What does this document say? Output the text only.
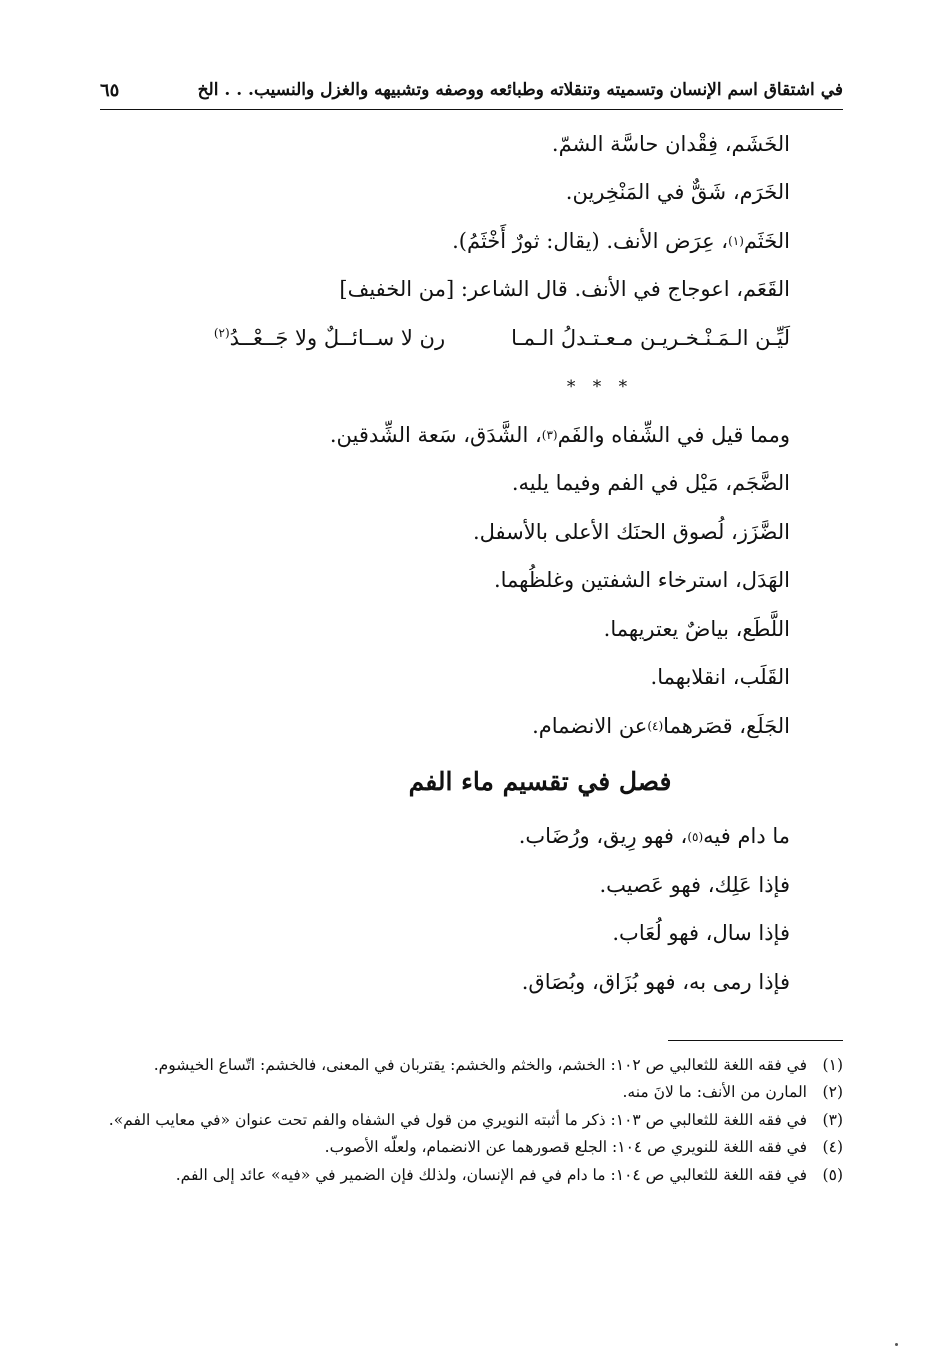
في اشتقاق اسم الإنسان وتسميته وتنقلاته وطبائعه ووصفه وتشبيهه والغزل والنسيب. . . الخ
٦٥
الخَشَم، فِقْدان حاسَّة الشمّ.
الخَرَم، شَقٌّ في المَنْخِرين.
الخَثَم
(١)
، عِرَض الأنف. (يقال: ثورٌ أَخْثَمُ).
القَعَم، اعوجاج في الأنف. قال الشاعر: [من الخفيف]
لَيِّـن الـمَـنْـخـريـن مـعـتـدلُ الـمـا
رن لا ســائــلٌ ولا جَــعْــدُ$^{(٢)}$
* * *
ومما قيل في الشِّفاه والفَم
(٣)
، الشَّدَق، سَعة الشِّدقين.
الضَّجَم، مَيْل في الفم وفيما يليه.
الضَّزَز، لُصوق الحنَك الأعلى بالأسفل.
الهَدَل، استرخاء الشفتين وغلظُهما.
اللَّطَع، بياضٌ يعتريهما.
القَلَب، انقلابهما.
الجَلَع، قصَرهما
(٤)
عن الانضمام.
فصل في تقسيم ماء الفم
ما دام فيه
(٥)
، فهو رِيق، ورُضَاب.
فإذا عَلِك، فهو عَصيب.
فإذا سال، فهو لُعَاب.
فإذا رمى به، فهو بُزَاق، وبُصَاق.
(١)
في فقه اللغة للثعالبي ص ١٠٢: الخشم، والخثم والخشم: يقتربان في المعنى، فالخشم: اتّساع الخيشوم.
(٢)
المارن من الأنف: ما لانَ منه.
(٣)
في فقه اللغة للثعالبي ص ١٠٣: ذكر ما أثبته النويري من قول في الشفاه والفم تحت عنوان «في معايب الفم».
(٤)
في فقه اللغة للنويري ص ١٠٤: الجلع قصورهما عن الانضمام، ولعلّه الأصوب.
(٥)
في فقه اللغة للثعالبي ص ١٠٤: ما دام في فم الإنسان، ولذلك فإن الضمير في «فيه» عائد إلى الفم.
